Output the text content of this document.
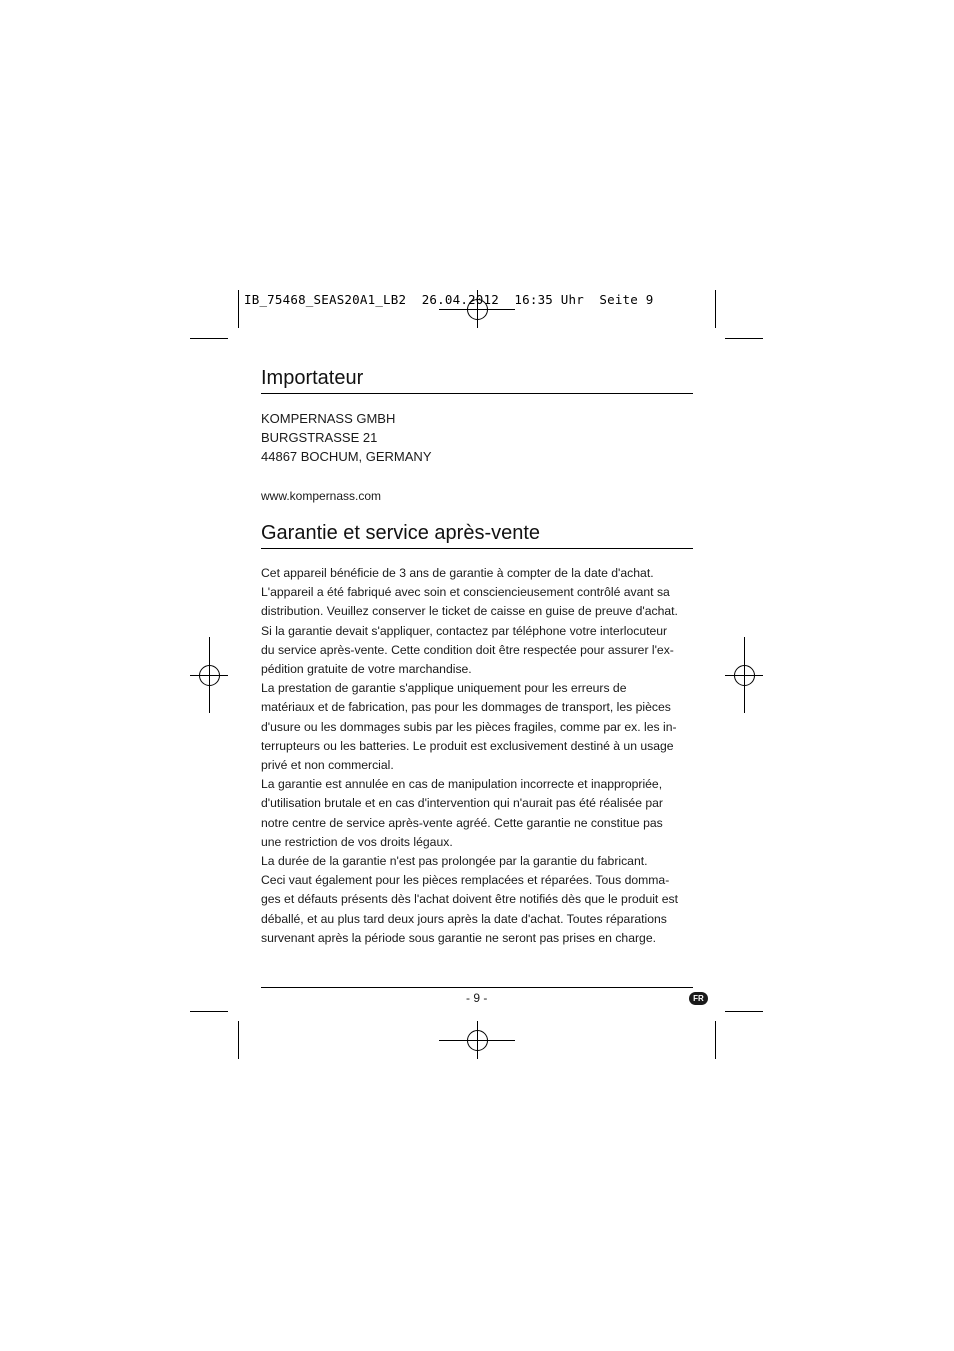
IB_75468_SEAS20A1_LB2  26.04.2012  16:35 Uhr  Seite 9
Importateur
KOMPERNASS GMBH
BURGSTRASSE 21
44867 BOCHUM, GERMANY
www.kompernass.com
Garantie et service après-vente
Cet appareil bénéficie de 3 ans de garantie à compter de la date d'achat.
L'appareil a été fabriqué avec soin et consciencieusement contrôlé avant sa
distribution. Veuillez conserver le ticket de caisse en guise de preuve d'achat.
Si la garantie devait s'appliquer, contactez par téléphone votre interlocuteur
du service après-vente. Cette condition doit être respectée pour assurer l'ex-
pédition gratuite de votre marchandise.
La prestation de garantie s'applique uniquement pour les erreurs de
matériaux et de fabrication, pas pour les dommages de transport, les pièces
d'usure ou les dommages subis par les pièces fragiles, comme par ex. les in-
terrupteurs ou les batteries. Le produit est exclusivement destiné à un usage
privé et non commercial.
La garantie est annulée en cas de manipulation incorrecte et inappropriée,
d'utilisation brutale et en cas d'intervention qui n'aurait pas été réalisée par
notre centre de service après-vente agréé. Cette garantie ne constitue pas
une restriction de vos droits légaux.
La durée de la garantie n'est pas prolongée par la garantie du fabricant.
Ceci vaut également pour les pièces remplacées et réparées. Tous domma-
ges et défauts présents dès l'achat doivent être notifiés dès que le produit est
déballé, et au plus tard deux jours après la date d'achat. Toutes réparations
survenant après la période sous garantie ne seront pas prises en charge.
- 9 -	FR
